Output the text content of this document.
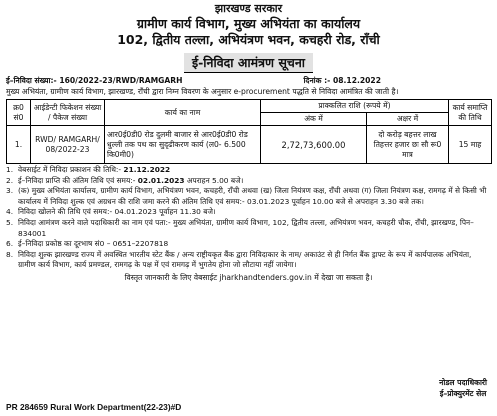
झारखण्ड सरकार
ग्रामीण कार्य विभाग, मुख्य अभियंता का कार्यालय
102, द्वितीय तल्ला, अभियंत्रण भवन, कचहरी रोड, राँची
ई-निविदा आमंत्रण सूचना
ई–निविदा संख्या:- 160/2022-23/RWD/RAMGARH	दिनांक :- 08.12.2022
मुख्य अभियंता, ग्रामीण कार्य विभाग, झारखण्ड, राँची द्वारा निम्न विवरण के अनुसार e-procurement पद्धति से निविदा आमंत्रित की जाती है।
क्र0 सं0	आईडेन्टी फिकेशन संख्या / पैकेज संख्या	कार्य का नाम	प्राक्कलित राशि (रूपये में)		कार्य समाप्ति की तिथि
			अंक में	अक्षर में	
1.	RWD/ RAMGARH/ 08/2022-23	आर0ई0डी0 रोड दुलमी बाजार से आर0ई0डी0 रोड धुल्ली तक पथ का सुदृढीकरण कार्य (ल0- 6.500 कि0मी0)	2,72,73,600.00	दो करोड़ बहत्तर लाख तिहत्तर हजार छः सौ रू0 मात्र	15 माह
1. वेबसाईट में निविदा प्रकाशन की तिथि:- 21.12.2022
2. ई–निविदा प्राप्ति की अंतिम तिथि एवं समय:- 02.01.2023 अपराहन 5.00 बजे।
3. (क) मुख्य अभियंता कार्यालय, ग्रामीण कार्य विभाग, अभियंत्रण भवन, कचहरी, राँची अथवा (ख) जिला नियंत्रण कक्ष, राँची अथवा (ग) जिला नियंत्रण कक्ष, रामगढ़ में से किसी भी कार्यालय में निविदा शुल्क एवं अग्रधन की राशि जमा करने की अंतिम तिथि एवं समय:- 03.01.2023 पूर्वाहन 10.00 बजे से अपराहन 3.30 बजे तक।
4. निविदा खोलने की तिथि एवं समय:- 04.01.2023 पूर्वाहन 11.30 बजे।
5. निविदा आमंत्रण करने वाले पदाधिकारी का नाम एवं पता:- मुख्य अभियंता, ग्रामीण कार्य विभाग, 102, द्वितीय तल्ला, अभियंत्रण भवन, कचहरी चौक, राँची, झारखण्ड, पिन– 834001
6. ई–निविदा प्रकोष्ठ का दूरभाष सं0 – 0651–2207818
8. निविदा शुल्क झारखण्ड राज्य में अवस्थित भारतीय स्टेट बैंक / अन्य राष्ट्रीयकृत बैंक द्वारा निविदाकार के नाम/ अकाउंट से ही निर्गत बैंक ड्राफ्ट के रूप में कार्यपालक अभियंता, ग्रामीण कार्य विभाग, कार्य प्रमण्डल, रामगढ़ के पक्ष में एवं रामगढ़ में भुगतेय होना जो लौटाया नहीं जायेगा।
विस्तृत जानकारी के लिए वेबसाईट jharkhandtenders.gov.in में देखा जा सकता है।
नोडल पदाधिकारी
ई–प्रोक्युरमेंट सेल
PR 284659 Rural Work Department(22-23)#D
